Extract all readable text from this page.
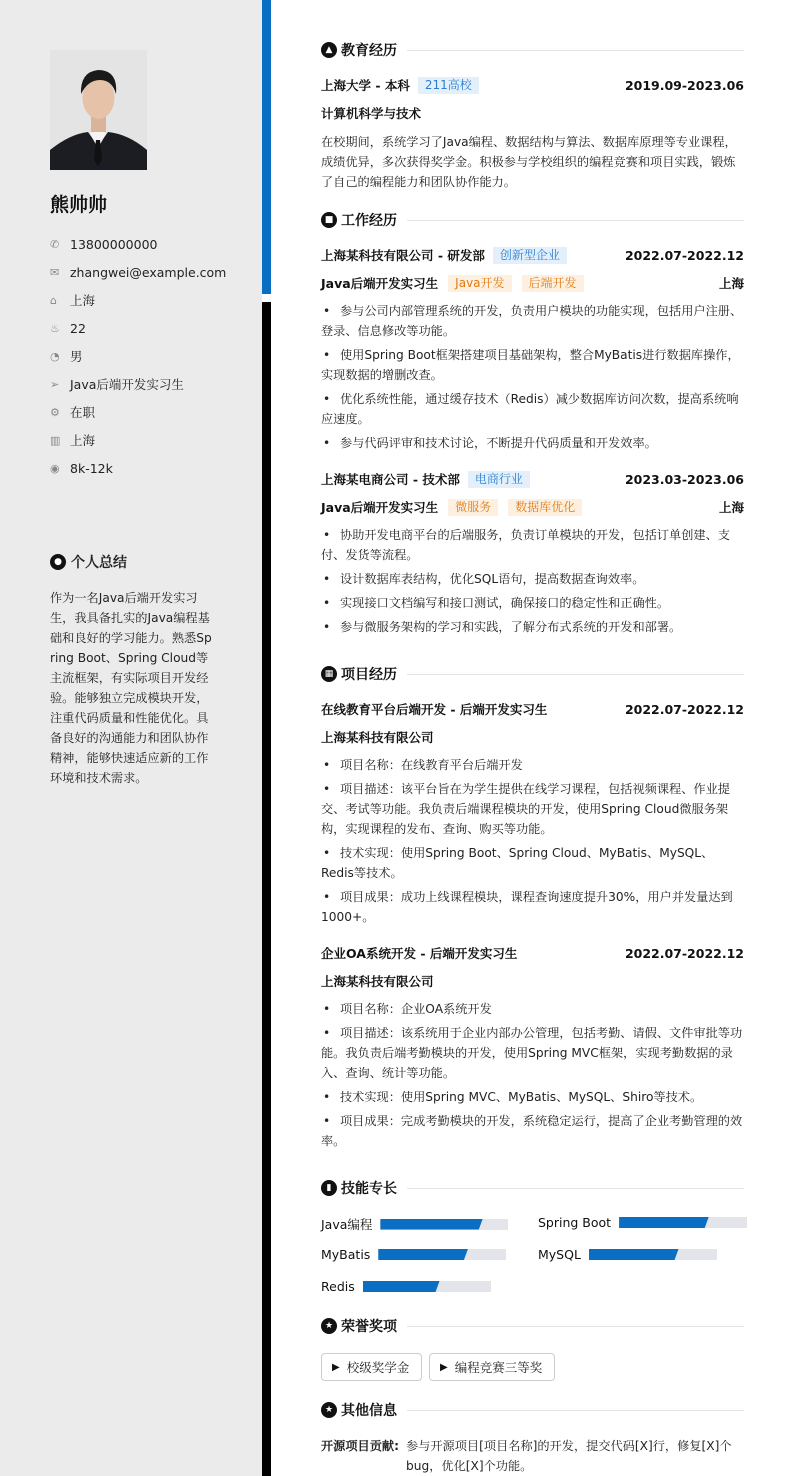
熊帅帅
✆ 13800000000
✉ zhangwei@example.com
⌂	上海
♨ 22
◔ 男
➢ Java后端开发实习生
⚙ 在职
▥ 上海
◉ 8k-12k
● 个人总结
作为一名Java后端开发实习生，我具备扎实的Java编程基础和良好的学习能力。熟悉Spring Boot、Spring Cloud等主流框架，有实际项目开发经验。能够独立完成模块开发，注重代码质量和性能优化。具备良好的沟通能力和团队协作精神，能够快速适应新的工作环境和技术需求。
▲ 教育经历
上海大学 - 本科	211高校	2019.09-2023.06
计算机科学与技术
在校期间，系统学习了Java编程、数据结构与算法、数据库原理等专业课程，成绩优异，多次获得奖学金。积极参与学校组织的编程竞赛和项目实践，锻炼了自己的编程能力和团队协作能力。
■ 工作经历
上海某科技有限公司 - 研发部	创新型企业	2022.07-2022.12
Java后端开发实习生	Java开发	后端开发	上海
• 参与公司内部管理系统的开发，负责用户模块的功能实现，包括用户注册、登录、信息修改等功能。
• 使用Spring Boot框架搭建项目基础架构，整合MyBatis进行数据库操作，实现数据的增删改查。
• 优化系统性能，通过缓存技术（Redis）减少数据库访问次数，提高系统响应速度。
• 参与代码评审和技术讨论，不断提升代码质量和开发效率。
上海某电商公司 - 技术部	电商行业	2023.03-2023.06
Java后端开发实习生	微服务	数据库优化	上海
• 协助开发电商平台的后端服务，负责订单模块的开发，包括订单创建、支付、发货等流程。
• 设计数据库表结构，优化SQL语句，提高数据查询效率。
• 实现接口文档编写和接口测试，确保接口的稳定性和正确性。
• 参与微服务架构的学习和实践，了解分布式系统的开发和部署。
▦ 项目经历
在线教育平台后端开发 - 后端开发实习生	2022.07-2022.12
上海某科技有限公司
• 项目名称：在线教育平台后端开发
• 项目描述：该平台旨在为学生提供在线学习课程，包括视频课程、作业提交、考试等功能。我负责后端课程模块的开发，使用Spring Cloud微服务架构，实现课程的发布、查询、购买等功能。
• 技术实现：使用Spring Boot、Spring Cloud、MyBatis、MySQL、Redis等技术。
• 项目成果：成功上线课程模块，课程查询速度提升30%，用户并发量达到1000+。
企业OA系统开发 - 后端开发实习生	2022.07-2022.12
上海某科技有限公司
• 项目名称：企业OA系统开发
• 项目描述：该系统用于企业内部办公管理，包括考勤、请假、文件审批等功能。我负责后端考勤模块的开发，使用Spring MVC框架，实现考勤数据的录入、查询、统计等功能。
• 技术实现：使用Spring MVC、MyBatis、MySQL、Shiro等技术。
• 项目成果：完成考勤模块的开发，系统稳定运行，提高了企业考勤管理的效率。
▮ 技能专长
Java编程	Spring Boot
MyBatis	MySQL
Redis
★ 荣誉奖项
▶ 校级奖学金	▶ 编程竞赛三等奖
★ 其他信息
开源项目贡献: 参与开源项目[项目名称]的开发，提交代码[X]行，修复[X]个bug，优化[X]个功能。
